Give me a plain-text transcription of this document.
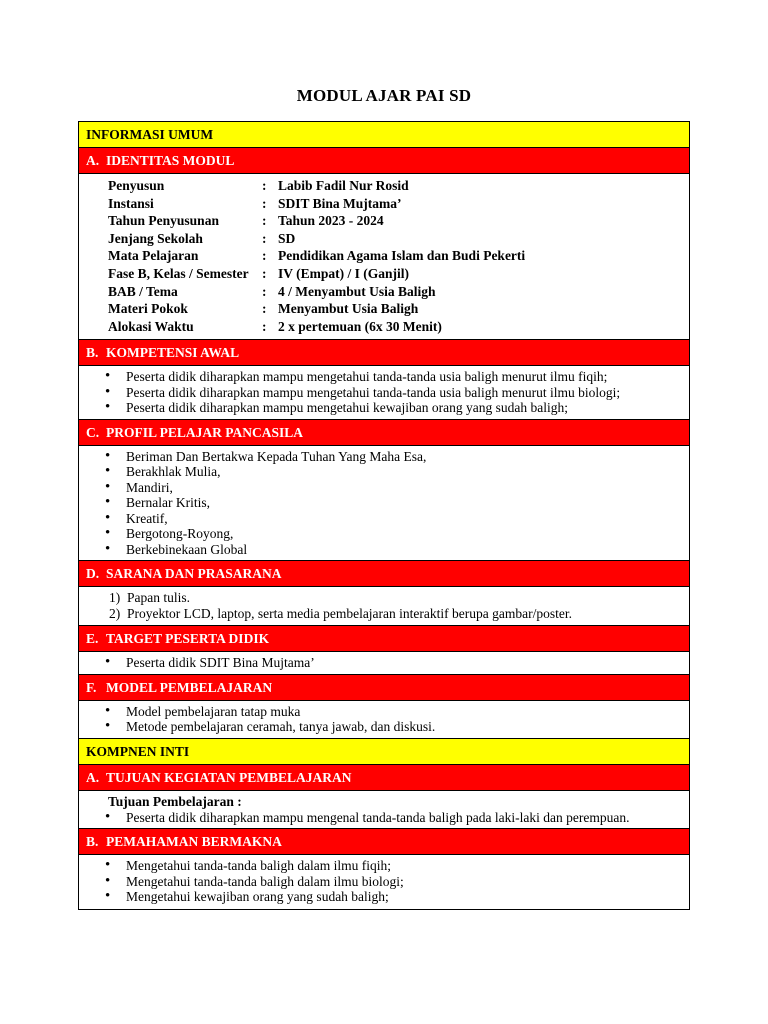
MODUL AJAR PAI SD
INFORMASI UMUM
A. IDENTITAS MODUL
Penyusun	: Labib Fadil Nur Rosid
Instansi	: SDIT Bina Mujtama’
Tahun Penyusunan	: Tahun 2023 - 2024
Jenjang Sekolah	: SD
Mata Pelajaran	: Pendidikan Agama Islam dan Budi Pekerti
Fase B, Kelas / Semester : IV (Empat) / I (Ganjil)
BAB / Tema	: 4 / Menyambut Usia Baligh
Materi Pokok	: Menyambut Usia Baligh
Alokasi Waktu	: 2 x pertemuan (6x 30 Menit)
B. KOMPETENSI AWAL
• Peserta didik diharapkan mampu mengetahui tanda-tanda usia baligh menurut ilmu fiqih;
• Peserta didik diharapkan mampu mengetahui tanda-tanda usia baligh menurut ilmu biologi;
• Peserta didik diharapkan mampu mengetahui kewajiban orang yang sudah baligh;
C. PROFIL PELAJAR PANCASILA
• Beriman Dan Bertakwa Kepada Tuhan Yang Maha Esa,
• Berakhlak Mulia,
• Mandiri,
• Bernalar Kritis,
• Kreatif,
• Bergotong-Royong,
• Berkebinekaan Global
D. SARANA DAN PRASARANA
1) Papan tulis.
2) Proyektor LCD, laptop, serta media pembelajaran interaktif berupa gambar/poster.
E. TARGET PESERTA DIDIK
• Peserta didik SDIT Bina Mujtama’
F. MODEL PEMBELAJARAN
• Model pembelajaran tatap muka
• Metode pembelajaran ceramah, tanya jawab, dan diskusi.
KOMPNEN INTI
A. TUJUAN KEGIATAN PEMBELAJARAN
Tujuan Pembelajaran :
• Peserta didik diharapkan mampu mengenal tanda-tanda baligh pada laki-laki dan perempuan.
B. PEMAHAMAN BERMAKNA
• Mengetahui tanda-tanda baligh dalam ilmu fiqih;
• Mengetahui tanda-tanda baligh dalam ilmu biologi;
• Mengetahui kewajiban orang yang sudah baligh;
